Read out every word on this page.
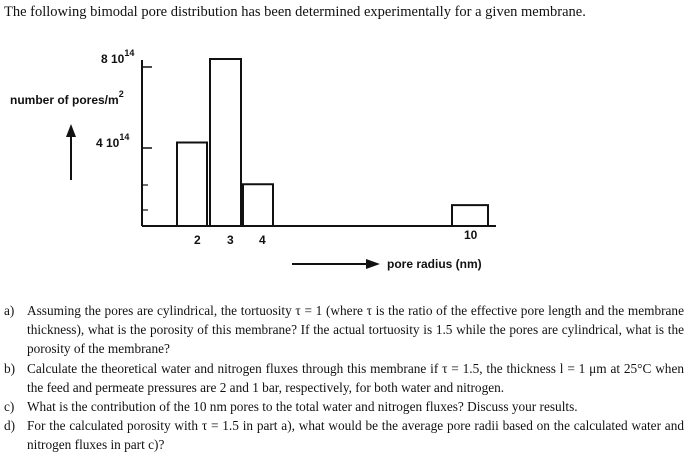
The following bimodal pore distribution has been determined experimentally for a given membrane.
8 $10^{14}$
number of pores/$m^2$
4 $10^{14}$
2 3 4	10
pore radius (nm)
a) Assuming the pores are cylindrical, the tortuosity τ = 1 (where τ is the ratio of the effective pore length and the membrane thickness), what is the porosity of this membrane? If the actual tortuosity is 1.5 while the pores are cylindrical, what is the porosity of the membrane?
b) Calculate the theoretical water and nitrogen fluxes through this membrane if τ = 1.5, the thickness l = 1 μm at 25°C when the feed and permeate pressures are 2 and 1 bar, respectively, for both water and nitrogen.
c) What is the contribution of the 10 nm pores to the total water and nitrogen fluxes? Discuss your results.
d) For the calculated porosity with τ = 1.5 in part a), what would be the average pore radii based on the calculated water and nitrogen fluxes in part c)?
